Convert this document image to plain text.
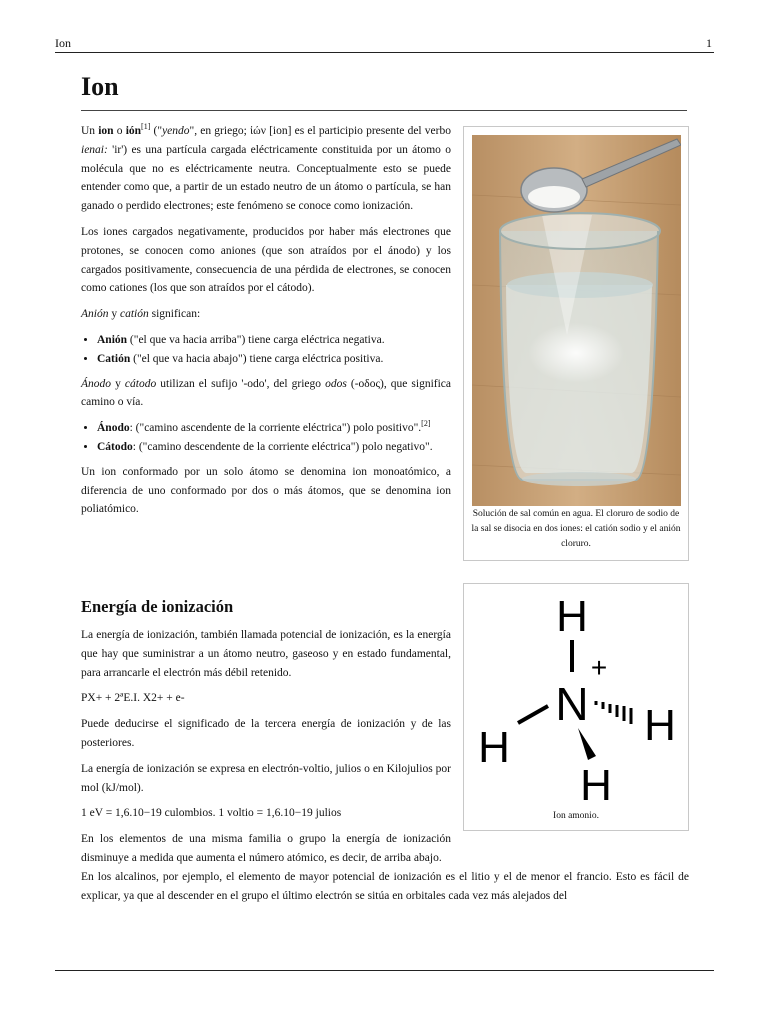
Ion	1
Ion

Un ion o ión[1] ("yendo", en griego; ἰών [ion] es el participio presente del verbo ienai: 'ir') es una partícula cargada eléctricamente constituida por un átomo o molécula que no es eléctricamente neutra. Conceptualmente esto se puede entender como que, a partir de un estado neutro de un átomo o partícula, se han ganado o perdido electrones; este fenómeno se conoce como ionización.

Los iones cargados negativamente, producidos por haber más electrones que protones, se conocen como aniones (que son atraídos por el ánodo) y los cargados positivamente, consecuencia de una pérdida de electrones, se conocen como cationes (los que son atraídos por el cátodo).

Anión y catión significan:

• Anión ("el que va hacia arriba") tiene carga eléctrica negativa.
• Catión ("el que va hacia abajo") tiene carga eléctrica positiva.

Ánodo y cátodo utilizan el sufijo '-odo', del griego odos (-οδος), que significa camino o vía.

• Ánodo: ("camino ascendente de la corriente eléctrica") polo positivo".[2]
• Cátodo: ("camino descendente de la corriente eléctrica") polo negativo".

Un ion conformado por un solo átomo se denomina ion monoatómico, a diferencia de uno conformado por dos o más átomos, que se denomina ion poliatómico.

Energía de ionización

La energía de ionización, también llamada potencial de ionización, es la energía que hay que suministrar a un átomo neutro, gaseoso y en estado fundamental, para arrancarle el electrón más débil retenido.

PX+ + 2ªE.I. X2+ + e-

Puede deducirse el significado de la tercera energía de ionización y de las posteriores.

La energía de ionización se expresa en electrón-voltio, julios o en Kilojulios por mol (kJ/mol).

1 eV = 1,6.10−19 culombios. 1 voltio = 1,6.10−19 julios

En los elementos de una misma familia o grupo la energía de ionización disminuye a medida que aumenta el número atómico, es decir, de arriba abajo.

En los alcalinos, por ejemplo, el elemento de mayor potencial de ionización es el litio y el de menor el francio. Esto es fácil de explicar, ya que al descender en el grupo el último electrón se sitúa en orbitales cada vez más alejados del
Solución de sal común en agua. El cloruro de sodio de la sal se disocia en dos iones: el catión sodio y el anión cloruro.
H
+
N
H	H
H
Ion amonio.
